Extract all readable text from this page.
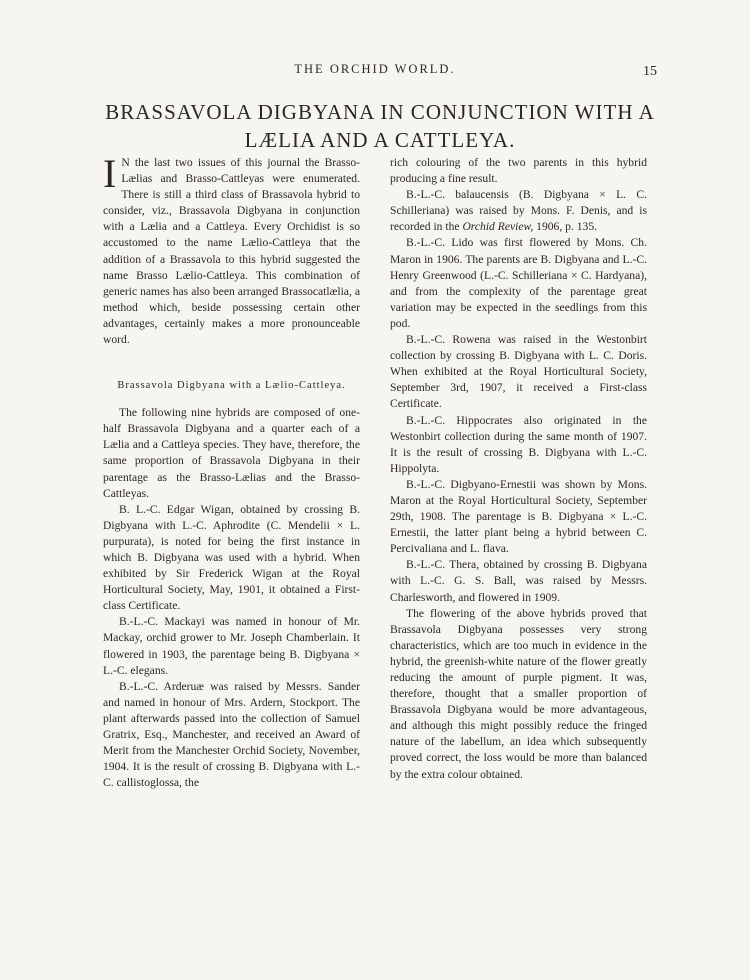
THE ORCHID WORLD.	15
BRASSAVOLA DIGBYANA IN CONJUNCTION WITH A
LÆLIA AND A CATTLEYA.

I N the last two issues of this journal the Brasso-Lælias and Brasso-Cattleyas were enumerated. There is still a third class of Brassavola hybrid to consider, viz., Brassavola Digbyana in conjunction with a Lælia and a Cattleya. Every Orchidist is so accustomed to the name Lælio-Cattleya that the addition of a Brassavola to this hybrid suggested the name Brasso Lælio-Cattleya. This combination of generic names has also been arranged Brassocatlælia, a method which, beside possessing certain other advantages, certainly makes a more pronounceable word.

Brassavola Digbyana with a Lælio-Cattleya.

The following nine hybrids are composed of one-half Brassavola Digbyana and a quarter each of a Lælia and a Cattleya species. They have, therefore, the same proportion of Brassavola Digbyana in their parentage as the Brasso-Lælias and the Brasso-Cattleyas.

B. L.-C. Edgar Wigan, obtained by crossing B. Digbyana with L.-C. Aphrodite (C. Mendelii × L. purpurata), is noted for being the first instance in which B. Digbyana was used with a hybrid. When exhibited by Sir Frederick Wigan at the Royal Horticultural Society, May, 1901, it obtained a First-class Certificate.

B.-L.-C. Mackayi was named in honour of Mr. Mackay, orchid grower to Mr. Joseph Chamberlain. It flowered in 1903, the parentage being B. Digbyana × L.-C. elegans.

B.-L.-C. Arderuæ was raised by Messrs. Sander and named in honour of Mrs. Ardern, Stockport. The plant afterwards passed into the collection of Samuel Gratrix, Esq., Manchester, and received an Award of Merit from the Manchester Orchid Society, November, 1904. It is the result of crossing B. Digbyana with L.-C. callistoglossa, the

rich colouring of the two parents in this hybrid producing a fine result.

B.-L.-C. balaucensis (B. Digbyana × L. C. Schilleriana) was raised by Mons. F. Denis, and is recorded in the Orchid Review, 1906, p. 135.

B.-L.-C. Lido was first flowered by Mons. Ch. Maron in 1906. The parents are B. Digbyana and L.-C. Henry Greenwood (L.-C. Schilleriana × C. Hardyana), and from the complexity of the parentage great variation may be expected in the seedlings from this pod.

B.-L.-C. Rowena was raised in the Westonbirt collection by crossing B. Digbyana with L. C. Doris. When exhibited at the Royal Horticultural Society, September 3rd, 1907, it received a First-class Certificate.

B.-L.-C. Hippocrates also originated in the Westonbirt collection during the same month of 1907. It is the result of crossing B. Digbyana with L.-C. Hippolyta.

B.-L.-C. Digbyano-Ernestii was shown by Mons. Maron at the Royal Horticultural Society, September 29th, 1908. The parentage is B. Digbyana × L.-C. Ernestii, the latter plant being a hybrid between C. Percivaliana and L. flava.

B.-L.-C. Thera, obtained by crossing B. Digbyana with L.-C. G. S. Ball, was raised by Messrs. Charlesworth, and flowered in 1909.

The flowering of the above hybrids proved that Brassavola Digbyana possesses very strong characteristics, which are too much in evidence in the hybrid, the greenish-white nature of the flower greatly reducing the amount of purple pigment. It was, therefore, thought that a smaller proportion of Brassavola Digbyana would be more advantageous, and although this might possibly reduce the fringed nature of the labellum, an idea which subsequently proved correct, the loss would be more than balanced by the extra colour obtained.
